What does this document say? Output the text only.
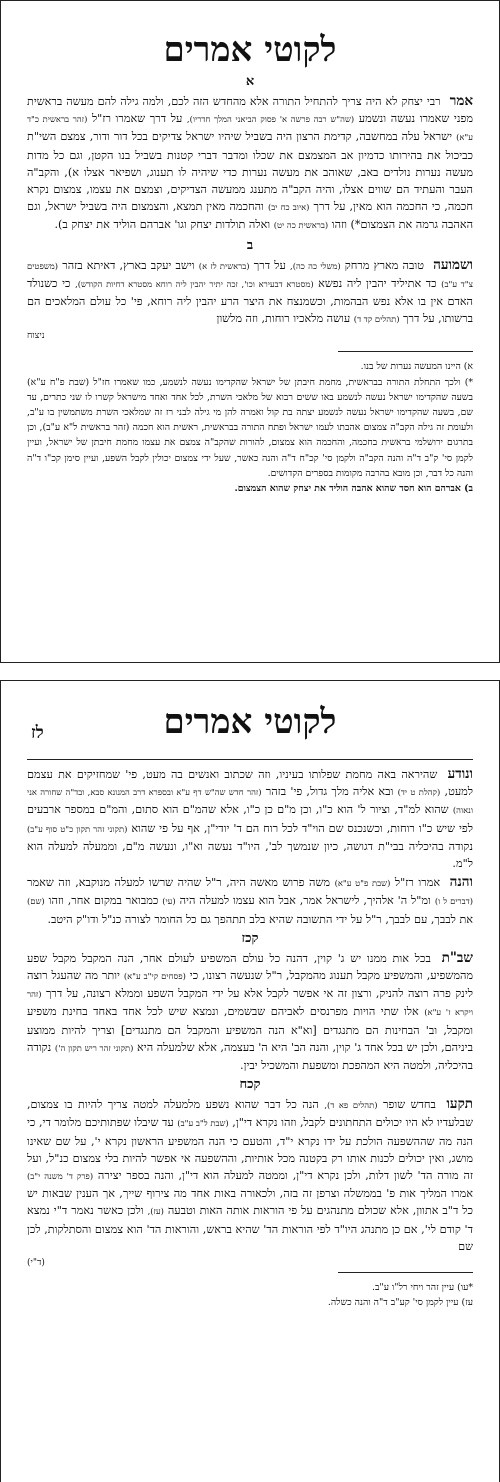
לקוטי אמרים
א
אמר רבי יצחק לא היה צריך להתחיל התורה אלא מהחדש הזה לכם, ולמה גילה להם מעשה בראשית מפני שאמרו נעשה ונשמע (שה"ש רבה פרשה א' פסוק הביאני המלך חדריו), על דרך שאמרו רז"ל (זהר בראשית כ"ד ע"א) ישראל עלה במחשבה, קדימת הרצון היה בשביל שיהיו ישראל צדיקים בכל דור ודור, צמצם השי"ת כביכול את בהירותו כדמיון אב המצמצם את שכלו ומדבר דברי קטנות בשביל בנו הקטן, וגם כל מדות מעשה נערות נולדים באב, שאוהב את מעשה נערות כדי שיהיה לו תענוג, ושפיאר אצלו א), והקב"ה העבר והעתיד הם שווים אצלו, והיה הקב"ה מתענג ממעשה הצדיקים, וצמצם את עצמו, צמצום נקרא חכמה, כי החכמה הוא מאין, על דרך (איוב כח יב) והחכמה מאין תמצא, והצמצום היה בשביל ישראל, וגם האהבה גרמה את הצמצום*) וזהו (בראשית כה יט) ואלה תולדות יצחק וגו' אברהם הוליד את יצחק ב).
ב
ושמועה טובה מארץ מרחק (משלי כה כה), על דרך (בראשית לז א) וישב יעקב בארץ, דאיתא בזהר (משפטים צ"ד ע"ב) כד אתיליד יהבין ליה נפשא (מסטרא דבעירא וכו', זכה יתיר יהבין ליה רוחא מסטרא דחיות הקודש), כי כשנולד האדם אין בו אלא נפש הבהמות, וכשמנצח את היצר הרע יהבין ליה רוחא, פי' כל עולם המלאכים הם ברשותו, על דרך (תהלים קד ד) עושה מלאכיו רוחות, וזה מלשון
ניצוח
א) היינו המעשה נערות של בנו.
*) ולכך התחלת התורה בבראשית, מחמת חיבתן של ישראל שהקדימו נעשה לנשמע, כמו שאמרו חז"ל (שבת פ"ח ע"א) בשעה שהקדימו ישראל נעשה לנשמע באו ששים רבוא של מלאכי השרת, לכל אחד ואחד מישראל קשרו לו שני כתרים, עד שם, בשעה שהקדימו ישראל נעשה לנשמע יצתה בת קול ואמרה להן מי גילה לבני רז זה שמלאכי השרת משתמשין בו ע"ב, ולעומת זה גילה הקב"ה צמצום אהבתו לעמו ישראל ופתח התורה בבראשית, ראשית הוא חכמה (זהר בראשית ל"א ע"ב), וכן בתרגום ירושלמי בראשית בחכמה, והחכמה הוא צמצום, להורות שהקב"ה צמצם את עצמו מחמת חיבתן של ישראל, ועיין לקמן סי' ק"ב ד"ה והנה הקב"ה ולקמן סי' קכ"ח ד"ה והנה כאשר, שעל ידי צמצום יכולין לקבל השפע, ועיין סימן קכ"ו ד"ה והנה כל דבר, וכן מובא בהרבה מקומות בספרים הקדושים.
ב) אברהם הוא חסד שהוא אהבה הוליד את יצחק שהוא הצמצום.
לקוטי אמרים
לז
ונודע שהיראה באה מחמת שפלותו בעיניו, וזה שכתוב ואנשים בה מעט, פי' שמחזיקים את עצמם למעט, (קהלת ט יד) ובא אליה מלך גדול, פי' בזהר (זהר חדש שה"ש דף ע"א ובספרא דרב המנונא סבא, ובד"ה שחורה אני ונאוה) שהוא למ"ד, וציור ל' הוא כ"ו, וכן מ"ם כן כ"ו, אלא שהמ"ם הוא סתום, והמ"ם במספר ארבעים לפי שיש כ"ו רוחות, וכשנכנס שם הוי"ד לכל רוח הם ד' יודי"ן, אף על פי שהוא (תקוני זהר תקון כ"ט סוף ע"ב) נקודה בהיכליה בבי"ת דגושה, כיון שנמשך לב', היו"ד נעשה וא"ו, ונעשה מ"ם, וממעלה למעלה הוא ל"מ.
והנה אמרו רז"ל (שבת פ"ט ע"א) משה פרוש מאשה היה, ר"ל שהיה שרשו למעלה מנוקבא, וזה שאמר (דברים ל ו) ומ"ל ה' אלהיך, לישראל אמר, אבל הוא עצמו למעלה היה (עי) כמבואר במקום אחר, וזהו (שם) את לבבך, עם לבבך, ר"ל על ידי התשובה שהיא בלב תתהפך גם כל החומר לצורה כנ"ל ודו"ק היטב.
קכז
שב"ת בכל אות ממנו יש ג' קוין, דהנה כל עולם המשפיע לעולם אחר, הנה המקבל מקבל שפע מהמשפיע, והמשפיע מקבל תענוג מהמקבל, ר"ל שנעשה רצונו, כי (פסחים קי"ב ע"א) יותר מה שהעגל רוצה לינק פרה רוצה להניק, ורצון זה אי אפשר לקבל אלא על ידי המקבל השפע וממלא רצונה, על דרך (זהר ויקרא ז' ע"א) אלו שתי הויות מפרנסים לאביהם שבשמים, ונמצא שיש לכל אחד באחד בחינת משפיע ומקבל, וב' הבחינות הם מתנגדים [וא"א הנה המשפיע והמקבל הם מתנגדים] וצריך להיות ממוצע ביניהם, ולכן יש בכל אחד ג' קוין, והנה הב' היא ה' בעצמה, אלא שלמעלה היא (תקוני זהר ריש תקון ה') נקודה בהיכליה, ולמטה היא המהפכת ומשפעת והמשכיל יבין.
קכח
תקעו בחדש שופר (תהלים פא ד), הנה כל דבר שהוא נשפע מלמעלה למטה צריך להיות בו צמצום, שבלעדיו לא היו יכולים התחתונים לקבל, וזהו נקרא די"ן, (שבת ל"ב ע"ב) עד שיבלו שפתותיכם מלומר די, כי הנה מה שההשפעה הולכת על ידו נקרא י"ד, והטעם כי הנה המשפיע הראשון נקרא י', על שם שאינו מושג, ואין יכולים לכנות אותו רק בקטנה מכל אותיות, וההשפעה אי אפשר להיות בלי צמצום כנ"ל, ועל זה מורה הד' לשון דלות, ולכן נקרא די"ן, וממטה למעלה הוא די"ן, והנה בספר יצירה (פרק ד' משנה י"ב) אמרו המליך אות פ' בממשלה וצרפן זה בזה, ולכאורה באות אחד מה צירוף שייך, אך הענין שבאות יש כל ד"ב אתוון, אלא שכולם מתנהגים על פי הוראות אותה האות וטבעה (עז), ולכן כאשר נאמר ד"י נמצא ד' קודם לי', אם כן מתנהג היו"ד לפי הוראות הד' שהיא בראש, והוראות הד' הוא צמצום והסתלקות, לכן שם
(ד"י)
*עו) עיין זהר ויחי רל"ו ע"ב.
עז) עיין לקמן סי' קע"ב ד"ה והנה כשלה.
